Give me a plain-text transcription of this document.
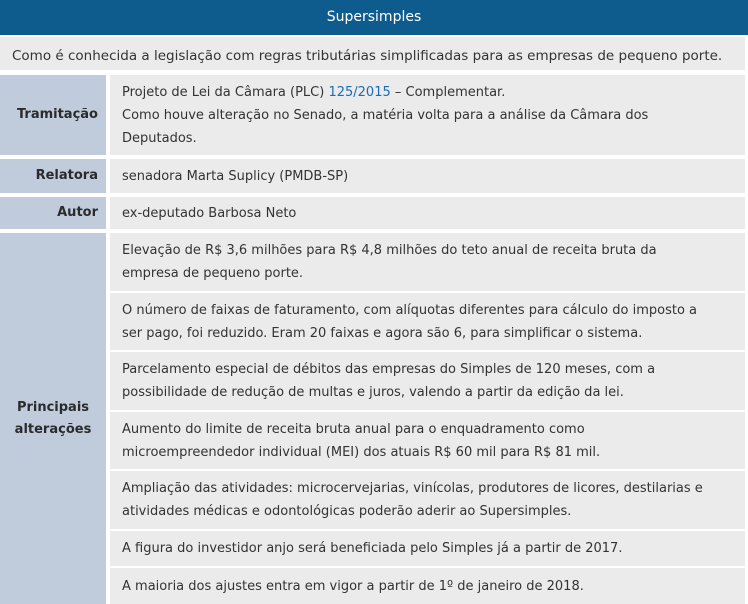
Supersimples
Como é conhecida a legislação com regras tributárias simplificadas para as empresas de pequeno porte.
Tramitação
Projeto de Lei da Câmara (PLC) 125/2015 – Complementar.
Como houve alteração no Senado, a matéria volta para a análise da Câmara dos
Deputados.
Relatora	senadora Marta Suplicy (PMDB-SP)
Autor	ex-deputado Barbosa Neto
Principais
alterações
Elevação de R$ 3,6 milhões para R$ 4,8 milhões do teto anual de receita bruta da
empresa de pequeno porte.
O número de faixas de faturamento, com alíquotas diferentes para cálculo do imposto a
ser pago, foi reduzido. Eram 20 faixas e agora são 6, para simplificar o sistema.
Parcelamento especial de débitos das empresas do Simples de 120 meses, com a
possibilidade de redução de multas e juros, valendo a partir da edição da lei.
Aumento do limite de receita bruta anual para o enquadramento como
microempreendedor individual (MEI) dos atuais R$ 60 mil para R$ 81 mil.
Ampliação das atividades: microcervejarias, vinícolas, produtores de licores, destilarias e
atividades médicas e odontológicas poderão aderir ao Supersimples.
A figura do investidor anjo será beneficiada pelo Simples já a partir de 2017.
A maioria dos ajustes entra em vigor a partir de 1º de janeiro de 2018.
